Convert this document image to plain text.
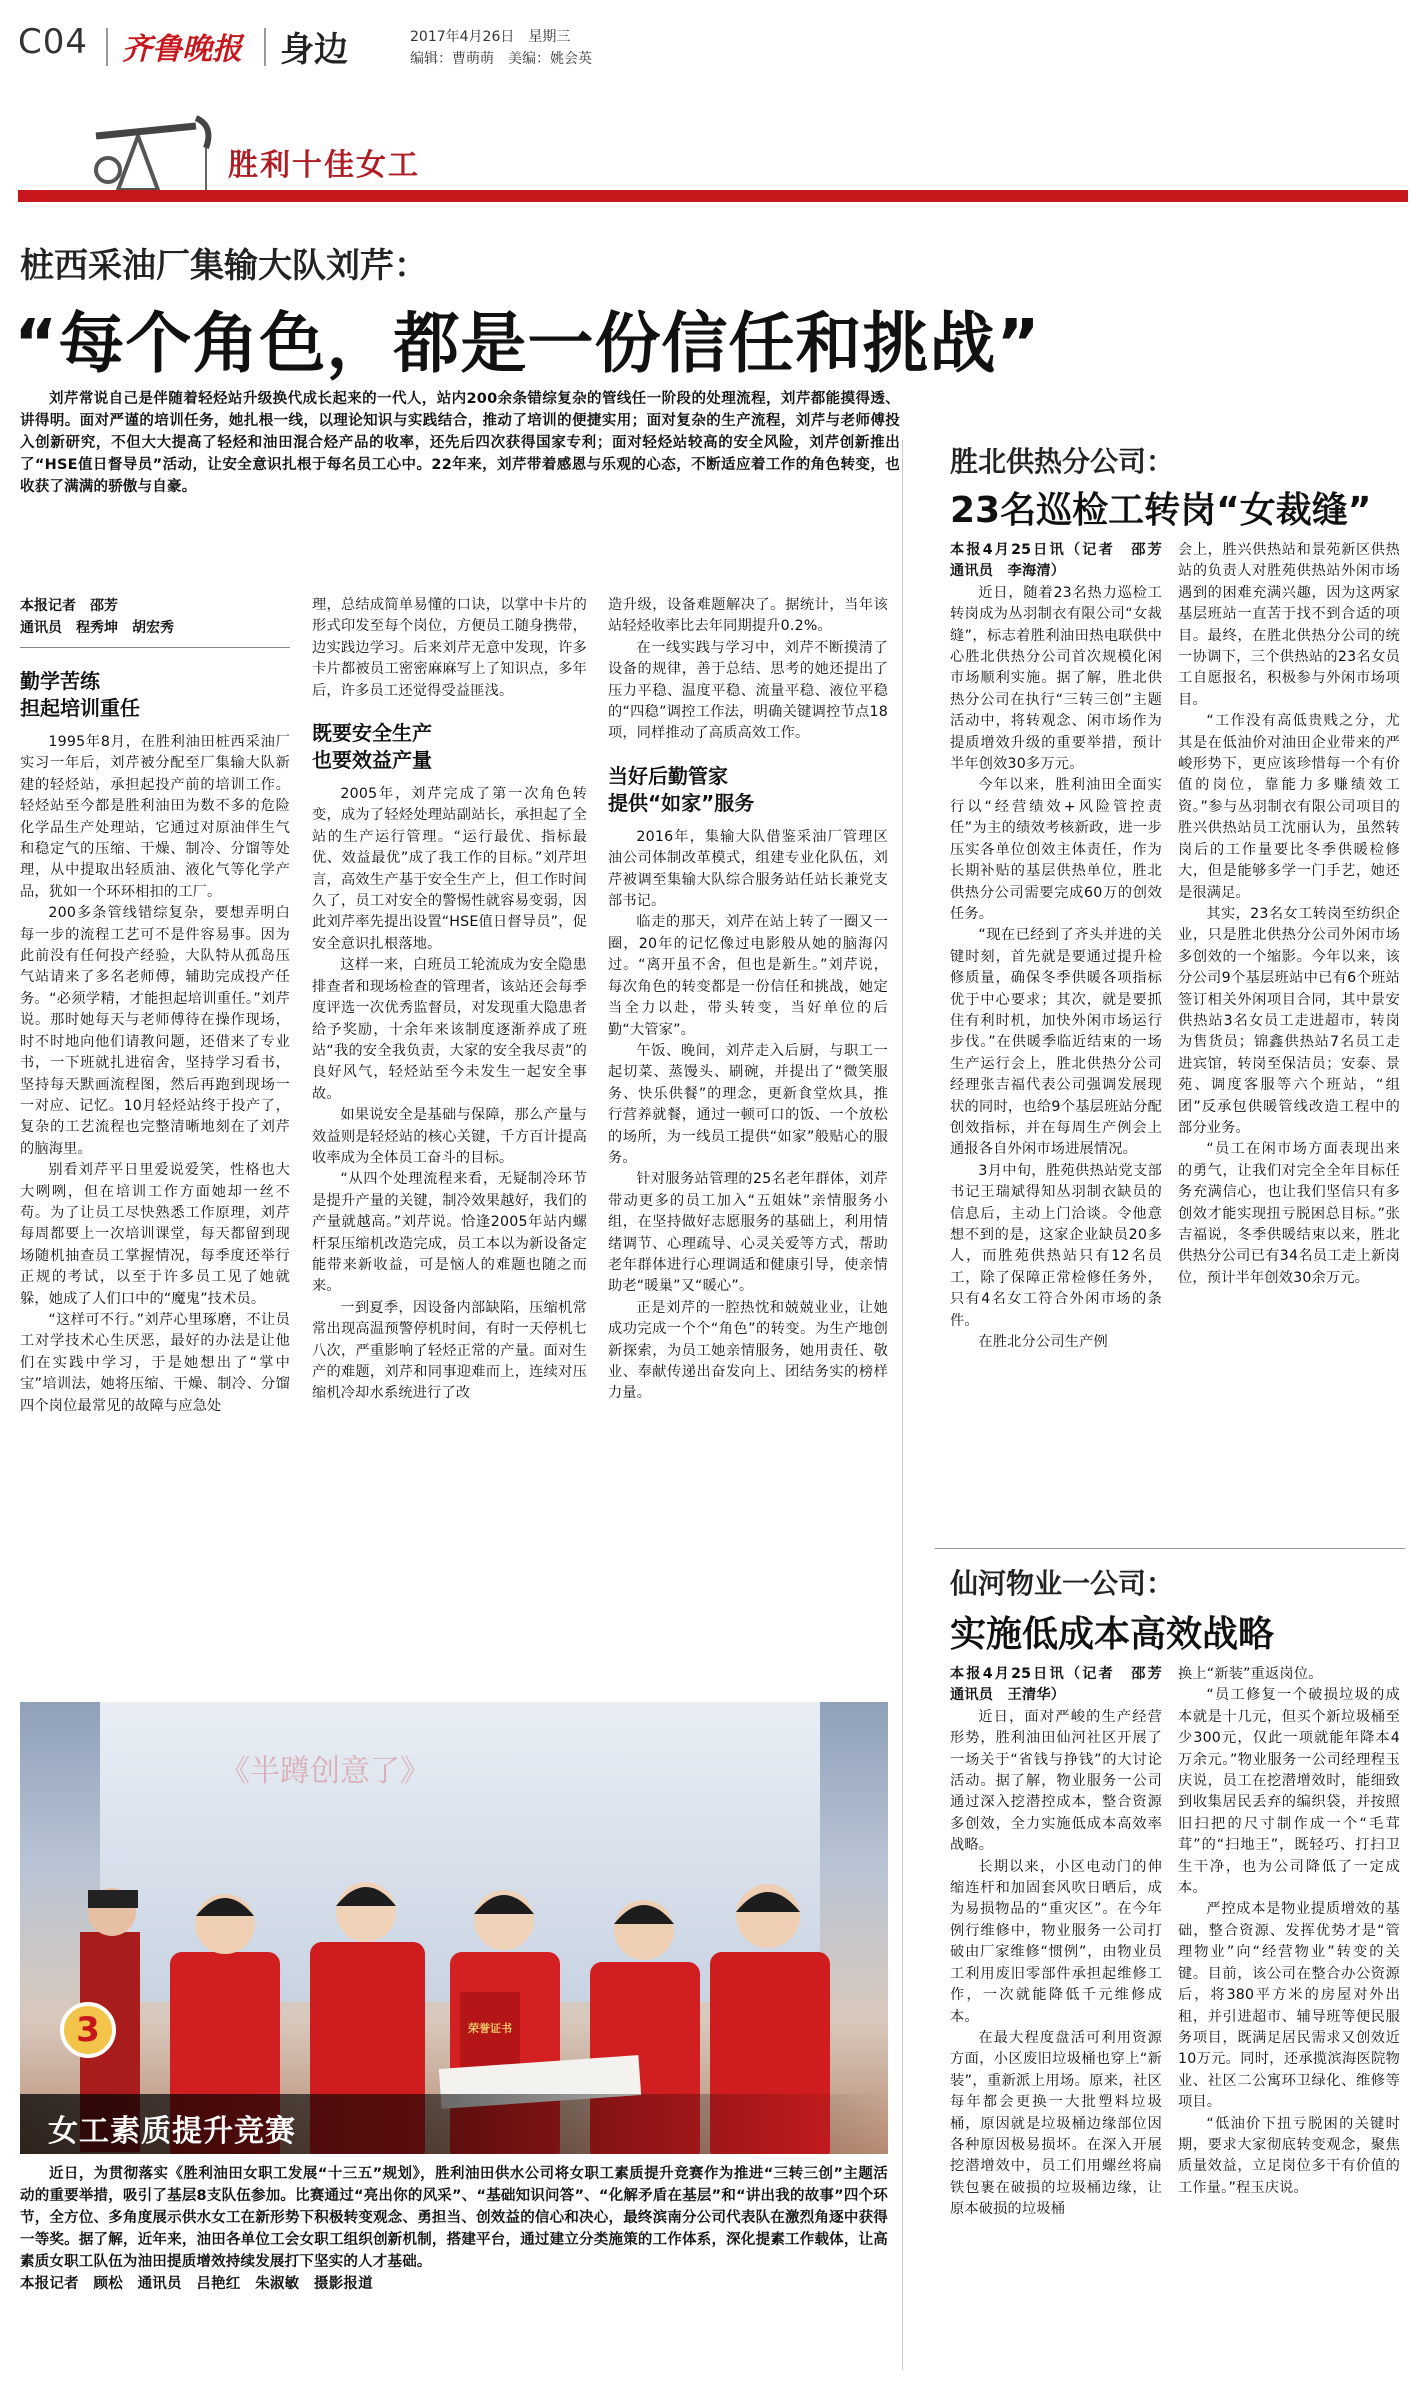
C04 齐鲁晚报 身边	2017年4月26日　星期三
编辑：曹萌萌　美编：姚会英
胜利十佳女工
桩西采油厂集输大队刘芹：
“每个角色，都是一份信任和挑战”

刘芹常说自己是伴随着轻烃站升级换代成长起来的一代人，站内200余条错综复杂的管线任一阶段的处理流程，刘芹都能摸得透、讲得明。面对严谨的培训任务，她扎根一线，以理论知识与实践结合，推动了培训的便捷实用；面对复杂的生产流程，刘芹与老师傅投入创新研究，不但大大提高了轻烃和油田混合烃产品的收率，还先后四次获得国家专利；面对轻烃站较高的安全风险，刘芹创新推出了“HSE值日督导员”活动，让安全意识扎根于每名员工心中。22年来，刘芹带着感恩与乐观的心态，不断适应着工作的角色转变，也收获了满满的骄傲与自豪。

本报记者　邵芳
通讯员　程秀坤　胡宏秀
勤学苦练
担起培训重任

1995年8月，在胜利油田桩西采油厂实习一年后，刘芹被分配至厂集输大队新建的轻烃站，承担起投产前的培训工作。轻烃站至今都是胜利油田为数不多的危险化学品生产处理站，它通过对原油伴生气和稳定气的压缩、干燥、制冷、分馏等处理，从中提取出轻质油、液化气等化学产品，犹如一个环环相扣的工厂。

200多条管线错综复杂，要想弄明白每一步的流程工艺可不是件容易事。因为此前没有任何投产经验，大队特从孤岛压气站请来了多名老师傅，辅助完成投产任务。“必须学精，才能担起培训重任。”刘芹说。那时她每天与老师傅待在操作现场，时不时地向他们请教问题，还借来了专业书，一下班就扎进宿舍，坚持学习看书，坚持每天默画流程图，然后再跑到现场一一对应、记忆。10月轻烃站终于投产了，复杂的工艺流程也完整清晰地刻在了刘芹的脑海里。

别看刘芹平日里爱说爱笑，性格也大大咧咧，但在培训工作方面她却一丝不苟。为了让员工尽快熟悉工作原理，刘芹每周都要上一次培训课堂，每天都留到现场随机抽查员工掌握情况，每季度还举行正规的考试，以至于许多员工见了她就躲，她成了人们口中的“魔鬼”技术员。

“这样可不行。”刘芹心里琢磨，不让员工对学技术心生厌恶，最好的办法是让他们在实践中学习，于是她想出了“掌中宝”培训法，她将压缩、干燥、制冷、分馏四个岗位最常见的故障与应急处

理，总结成简单易懂的口诀，以掌中卡片的形式印发至每个岗位，方便员工随身携带，边实践边学习。后来刘芹无意中发现，许多卡片都被员工密密麻麻写上了知识点，多年后，许多员工还觉得受益匪浅。

既要安全生产
也要效益产量

2005年，刘芹完成了第一次角色转变，成为了轻烃处理站副站长，承担起了全站的生产运行管理。“运行最优、指标最优、效益最优”成了我工作的目标。”刘芹坦言，高效生产基于安全生产上，但工作时间久了，员工对安全的警惕性就容易变弱，因此刘芹率先提出设置“HSE值日督导员”，促安全意识扎根落地。

这样一来，白班员工轮流成为安全隐患排查者和现场检查的管理者，该站还会每季度评选一次优秀监督员，对发现重大隐患者给予奖励，十余年来该制度逐渐养成了班站“我的安全我负责，大家的安全我尽责”的良好风气，轻烃站至今未发生一起安全事故。

如果说安全是基础与保障，那么产量与效益则是轻烃站的核心关键，千方百计提高收率成为全体员工奋斗的目标。

“从四个处理流程来看，无疑制冷环节是提升产量的关键，制冷效果越好，我们的产量就越高。”刘芹说。恰逢2005年站内螺杆泵压缩机改造完成，员工本以为新设备定能带来新收益，可是恼人的难题也随之而来。

一到夏季，因设备内部缺陷，压缩机常常出现高温预警停机时间，有时一天停机七八次，严重影响了轻烃正常的产量。面对生产的难题，刘芹和同事迎难而上，连续对压缩机冷却水系统进行了改

造升级，设备难题解决了。据统计，当年该站轻烃收率比去年同期提升0.2%。

在一线实践与学习中，刘芹不断摸清了设备的规律，善于总结、思考的她还提出了压力平稳、温度平稳、流量平稳、液位平稳的“四稳”调控工作法，明确关键调控节点18项，同样推动了高质高效工作。

当好后勤管家
提供“如家”服务

2016年，集输大队借鉴采油厂管理区油公司体制改革模式，组建专业化队伍，刘芹被调至集输大队综合服务站任站长兼党支部书记。

临走的那天，刘芹在站上转了一圈又一圈，20年的记忆像过电影般从她的脑海闪过。“离开虽不舍，但也是新生。”刘芹说，每次角色的转变都是一份信任和挑战，她定当全力以赴，带头转变，当好单位的后勤“大管家”。

午饭、晚间，刘芹走入后厨，与职工一起切菜、蒸馒头、刷碗，并提出了“微笑服务、快乐供餐”的理念，更新食堂炊具，推行营养就餐，通过一顿可口的饭、一个放松的场所，为一线员工提供“如家”般贴心的服务。

针对服务站管理的25名老年群体，刘芹带动更多的员工加入“五姐妹”亲情服务小组，在坚持做好志愿服务的基础上，利用情绪调节、心理疏导、心灵关爱等方式，帮助老年群体进行心理调适和健康引导，使亲情助老“暖巢”又“暖心”。

正是刘芹的一腔热忱和兢兢业业，让她成功完成一个个“角色”的转变。为生产地创新探索，为员工她亲情服务，她用责任、敬业、奉献传递出奋发向上、团结务实的榜样力量。

《半蹲创意了》
荣誉证书
3
女工素质提升竞赛

近日，为贯彻落实《胜利油田女职工发展“十三五”规划》，胜利油田供水公司将女职工素质提升竞赛作为推进“三转三创”主题活动的重要举措，吸引了基层8支队伍参加。比赛通过“亮出你的风采”、“基础知识问答”、“化解矛盾在基层”和“讲出我的故事”四个环节，全方位、多角度展示供水女工在新形势下积极转变观念、勇担当、创效益的信心和决心，最终滨南分公司代表队在激烈角逐中获得一等奖。据了解，近年来，油田各单位工会女职工组织创新机制，搭建平台，通过建立分类施策的工作体系，深化提素工作载体，让高素质女职工队伍为油田提质增效持续发展打下坚实的人才基础。

本报记者　顾松　通讯员　吕艳红　朱淑敏　摄影报道

胜北供热分公司：
23名巡检工转岗“女裁缝”

本报4月25日讯（记者　邵芳　通讯员　李海清）

近日，随着23名热力巡检工转岗成为丛羽制衣有限公司“女裁缝”，标志着胜利油田热电联供中心胜北供热分公司首次规模化闲市场顺利实施。据了解，胜北供热分公司在执行“三转三创”主题活动中，将转观念、闲市场作为提质增效升级的重要举措，预计半年创效30多万元。

今年以来，胜利油田全面实行以“经营绩效+风险管控责任”为主的绩效考核新政，进一步压实各单位创效主体责任，作为长期补贴的基层供热单位，胜北供热分公司需要完成60万的创效任务。

“现在已经到了齐头并进的关键时刻，首先就是要通过提升检修质量，确保冬季供暖各项指标优于中心要求；其次，就是要抓住有利时机，加快外闲市场运行步伐。”在供暖季临近结束的一场生产运行会上，胜北供热分公司经理张吉福代表公司强调发展现状的同时，也给9个基层班站分配创效指标，并在每周生产例会上通报各自外闲市场进展情况。

3月中旬，胜苑供热站党支部书记王瑞斌得知丛羽制衣缺员的信息后，主动上门洽谈。令他意想不到的是，这家企业缺员20多人，而胜苑供热站只有12名员工，除了保障正常检修任务外，只有4名女工符合外闲市场的条件。

在胜北分公司生产例

会上，胜兴供热站和景苑新区供热站的负责人对胜苑供热站外闲市场遇到的困难充满兴趣，因为这两家基层班站一直苦于找不到合适的项目。最终，在胜北供热分公司的统一协调下，三个供热站的23名女员工自愿报名，积极参与外闲市场项目。

“工作没有高低贵贱之分，尤其是在低油价对油田企业带来的严峻形势下，更应该珍惜每一个有价值的岗位，靠能力多赚绩效工资。”参与丛羽制衣有限公司项目的胜兴供热站员工沈丽认为，虽然转岗后的工作量要比冬季供暖检修大，但是能够多学一门手艺，她还是很满足。

其实，23名女工转岗至纺织企业，只是胜北供热分公司外闲市场多创效的一个缩影。今年以来，该分公司9个基层班站中已有6个班站签订相关外闲项目合同，其中景安供热站3名女员工走进超市，转岗为售货员；锦鑫供热站7名员工走进宾馆，转岗至保洁员；安泰、景苑、调度客服等六个班站，“组团”反承包供暖管线改造工程中的部分业务。

“员工在闲市场方面表现出来的勇气，让我们对完全全年目标任务充满信心，也让我们坚信只有多创效才能实现扭亏脱困总目标。”张吉福说，冬季供暖结束以来，胜北供热分公司已有34名员工走上新岗位，预计半年创效30余万元。

仙河物业一公司：
实施低成本高效战略

本报4月25日讯（记者　邵芳　通讯员　王清华）

近日，面对严峻的生产经营形势，胜利油田仙河社区开展了一场关于“省钱与挣钱”的大讨论活动。据了解，物业服务一公司通过深入挖潜控成本，整合资源多创效，全力实施低成本高效率战略。

长期以来，小区电动门的伸缩连杆和加固套风吹日晒后，成为易损物品的“重灾区”。在今年例行维修中，物业服务一公司打破由厂家维修“惯例”，由物业员工利用废旧零部件承担起维修工作，一次就能降低千元维修成本。

在最大程度盘活可利用资源方面，小区废旧垃圾桶也穿上“新装”，重新派上用场。原来，社区每年都会更换一大批塑料垃圾桶，原因就是垃圾桶边缘部位因各种原因极易损坏。在深入开展挖潜增效中，员工们用螺丝将扁铁包裹在破损的垃圾桶边缘，让原本破损的垃圾桶

换上“新装”重返岗位。

“员工修复一个破损垃圾的成本就是十几元，但买个新垃圾桶至少300元，仅此一项就能年降本4万余元。”物业服务一公司经理程玉庆说，员工在挖潜增效时，能细致到收集居民丢弃的编织袋，并按照旧扫把的尺寸制作成一个“毛茸茸”的“扫地王”，既轻巧、打扫卫生干净，也为公司降低了一定成本。

严控成本是物业提质增效的基础，整合资源、发挥优势才是“管理物业”向“经营物业”转变的关键。目前，该公司在整合办公资源后，将380平方米的房屋对外出租，并引进超市、辅导班等便民服务项目，既满足居民需求又创效近10万元。同时，还承揽滨海医院物业、社区二公寓环卫绿化、维修等项目。

“低油价下扭亏脱困的关键时期，要求大家彻底转变观念，聚焦质量效益，立足岗位多干有价值的工作量。”程玉庆说。
